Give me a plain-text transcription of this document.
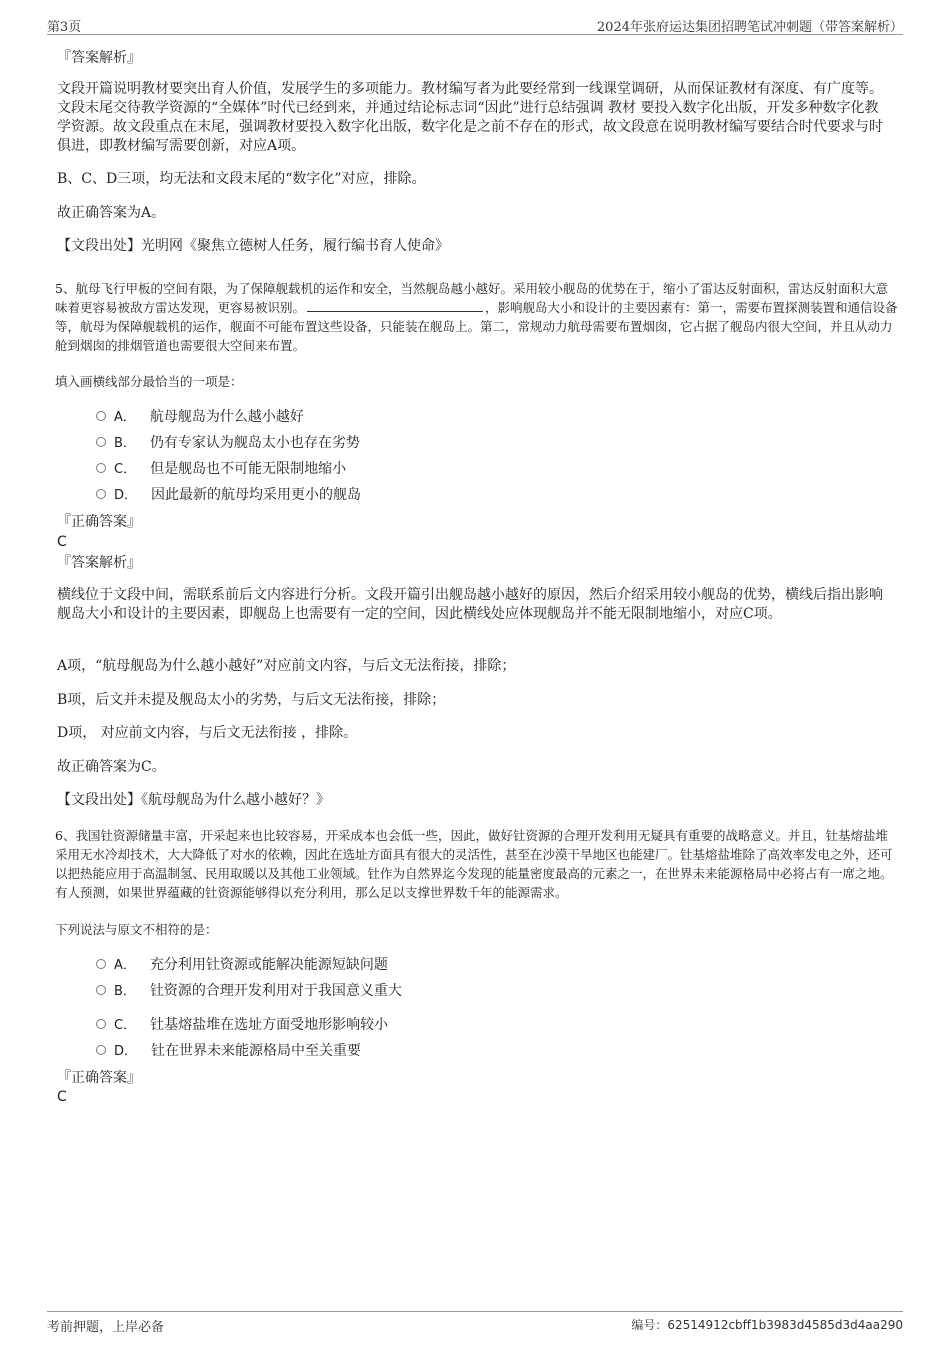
第3页	2024年张府运达集团招聘笔试冲刺题（带答案解析）

『答案解析』

文段开篇说明教材要突出育人价值，发展学生的多项能力。教材编写者为此要经常到一线课堂调研，从而保证教材有深度、有广度等。文段末尾交待教学资源的“全媒体”时代已经到来，并通过结论标志词“因此”进行总结强调 教材 要投入数字化出版，开发多种数字化教学资源。故文段重点在末尾，强调教材要投入数字化出版，数字化是之前不存在的形式，故文段意在说明教材编写要结合时代要求与时俱进，即教材编写需要创新，对应A项。

B、C、D三项，均无法和文段末尾的“数字化”对应，排除。

故正确答案为A。

【文段出处】光明网《聚焦立德树人任务，履行编书育人使命》

5、航母飞行甲板的空间有限，为了保障舰载机的运作和安全，当然舰岛越小越好。采用较小舰岛的优势在于，缩小了雷达反射面积，雷达反射面积大意味着更容易被敌方雷达发现，更容易被识别。	，影响舰岛大小和设计的主要因素有：第一，需要布置探测装置和通信设备等，航母为保障舰载机的运作，舰面不可能布置这些设备，只能装在舰岛上。第二，常规动力航母需要布置烟囱，它占据了舰岛内很大空间，并且从动力舱到烟囱的排烟管道也需要很大空间来布置。

填入画横线部分最恰当的一项是：

A． 航母舰岛为什么越小越好
B． 仍有专家认为舰岛太小也存在劣势
C． 但是舰岛也不可能无限制地缩小
D． 因此最新的航母均采用更小的舰岛

『正确答案』

C

『答案解析』

横线位于文段中间，需联系前后文内容进行分析。文段开篇引出舰岛越小越好的原因，然后介绍采用较小舰岛的优势，横线后指出影响舰岛大小和设计的主要因素，即舰岛上也需要有一定的空间，因此横线处应体现舰岛并不能无限制地缩小，对应C项。

A项，“航母舰岛为什么越小越好”对应前文内容，与后文无法衔接，排除；

B项，后文并未提及舰岛太小的劣势，与后文无法衔接，排除；

D项， 对应前文内容，与后文无法衔接 ，排除。

故正确答案为C。

【文段出处】《航母舰岛为什么越小越好？》

6、我国钍资源储量丰富，开采起来也比较容易，开采成本也会低一些，因此，做好钍资源的合理开发利用无疑具有重要的战略意义。并且，钍基熔盐堆采用无水冷却技术，大大降低了对水的依赖，因此在选址方面具有很大的灵活性，甚至在沙漠干旱地区也能建厂。钍基熔盐堆除了高效率发电之外，还可以把热能应用于高温制氢、民用取暖以及其他工业领域。钍作为自然界迄今发现的能量密度最高的元素之一，在世界未来能源格局中必将占有一席之地。有人预测，如果世界蕴藏的钍资源能够得以充分利用，那么足以支撑世界数千年的能源需求。

下列说法与原文不相符的是：

A． 充分利用钍资源或能解决能源短缺问题
B． 钍资源的合理开发利用对于我国意义重大
C． 钍基熔盐堆在选址方面受地形影响较小
D． 钍在世界未来能源格局中至关重要

『正确答案』

C

考前押题，上岸必备	编号：62514912cbff1b3983d4585d3d4aa290
